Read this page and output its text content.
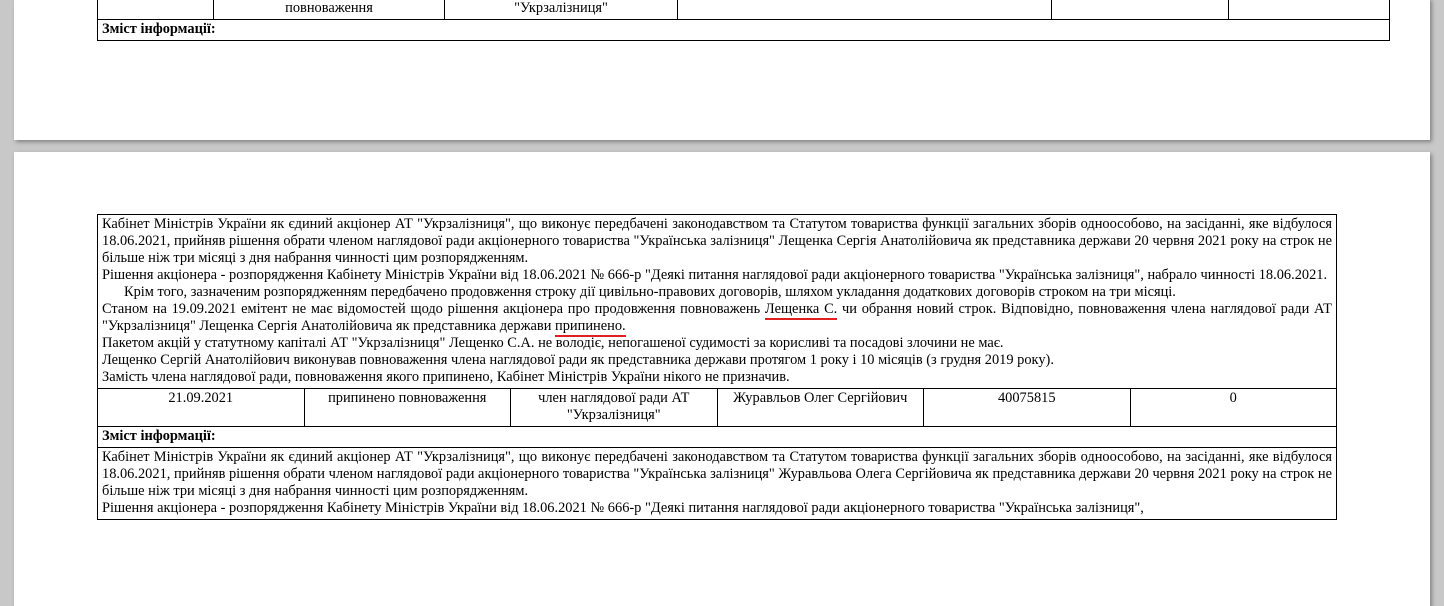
	повноваження	"Укрзалізниця"			
Зміст інформації:

Кабінет Міністрів України як єдиний акціонер АТ "Укрзалізниця", що виконує передбачені законодавством та Статутом товариства функції загальних зборів одноособово, на засіданні, яке відбулося 18.06.2021, прийняв рішення обрати членом наглядової ради акціонерного товариства "Українська залізниця" Лещенка Сергія Анатолійовича як представника держави 20 червня 2021 року на строк не більше ніж три місяці з дня набрання чинності цим розпорядженням.

Рішення акціонера - розпорядження Кабінету Міністрів України від 18.06.2021 № 666-р "Деякі питання наглядової ради акціонерного товариства "Українська залізниця", набрало чинності 18.06.2021.

Крім того, зазначеним розпорядженням передбачено продовження строку дії цивільно-правових договорів, шляхом укладання додаткових договорів строком на три місяці.

Станом на 19.09.2021 емітент не має відомостей щодо рішення акціонера про продовження повноважень Лещенка С. чи обрання новий строк. Відповідно, повноваження члена наглядової ради АТ "Укрзалізниця" Лещенка Сергія Анатолійовича як представника держави припинено.

Пакетом акцій у статутному капіталі АТ "Укрзалізниця" Лещенко С.А. не володіє, непогашеної судимості за корисливі та посадові злочини не має.

Лещенко Сергій Анатолійович виконував повноваження члена наглядової ради як представника держави протягом 1 року і 10 місяців (з грудня 2019 року).

Замість члена наглядової ради, повноваження якого припинено, Кабінет Міністрів України нікого не призначив.

21.09.2021	припинено повноваження	член наглядової ради АТ "Укрзалізниця"	Журавльов Олег Сергійович	40075815	0
Зміст інформації:

Кабінет Міністрів України як єдиний акціонер АТ "Укрзалізниця", що виконує передбачені законодавством та Статутом товариства функції загальних зборів одноособово, на засіданні, яке відбулося 18.06.2021, прийняв рішення обрати членом наглядової ради акціонерного товариства "Українська залізниця" Журавльова Олега Сергійовича як представника держави 20 червня 2021 року на строк не більше ніж три місяці з дня набрання чинності цим розпорядженням.

Рішення акціонера - розпорядження Кабінету Міністрів України від 18.06.2021 № 666-р "Деякі питання наглядової ради акціонерного товариства "Українська залізниця",
